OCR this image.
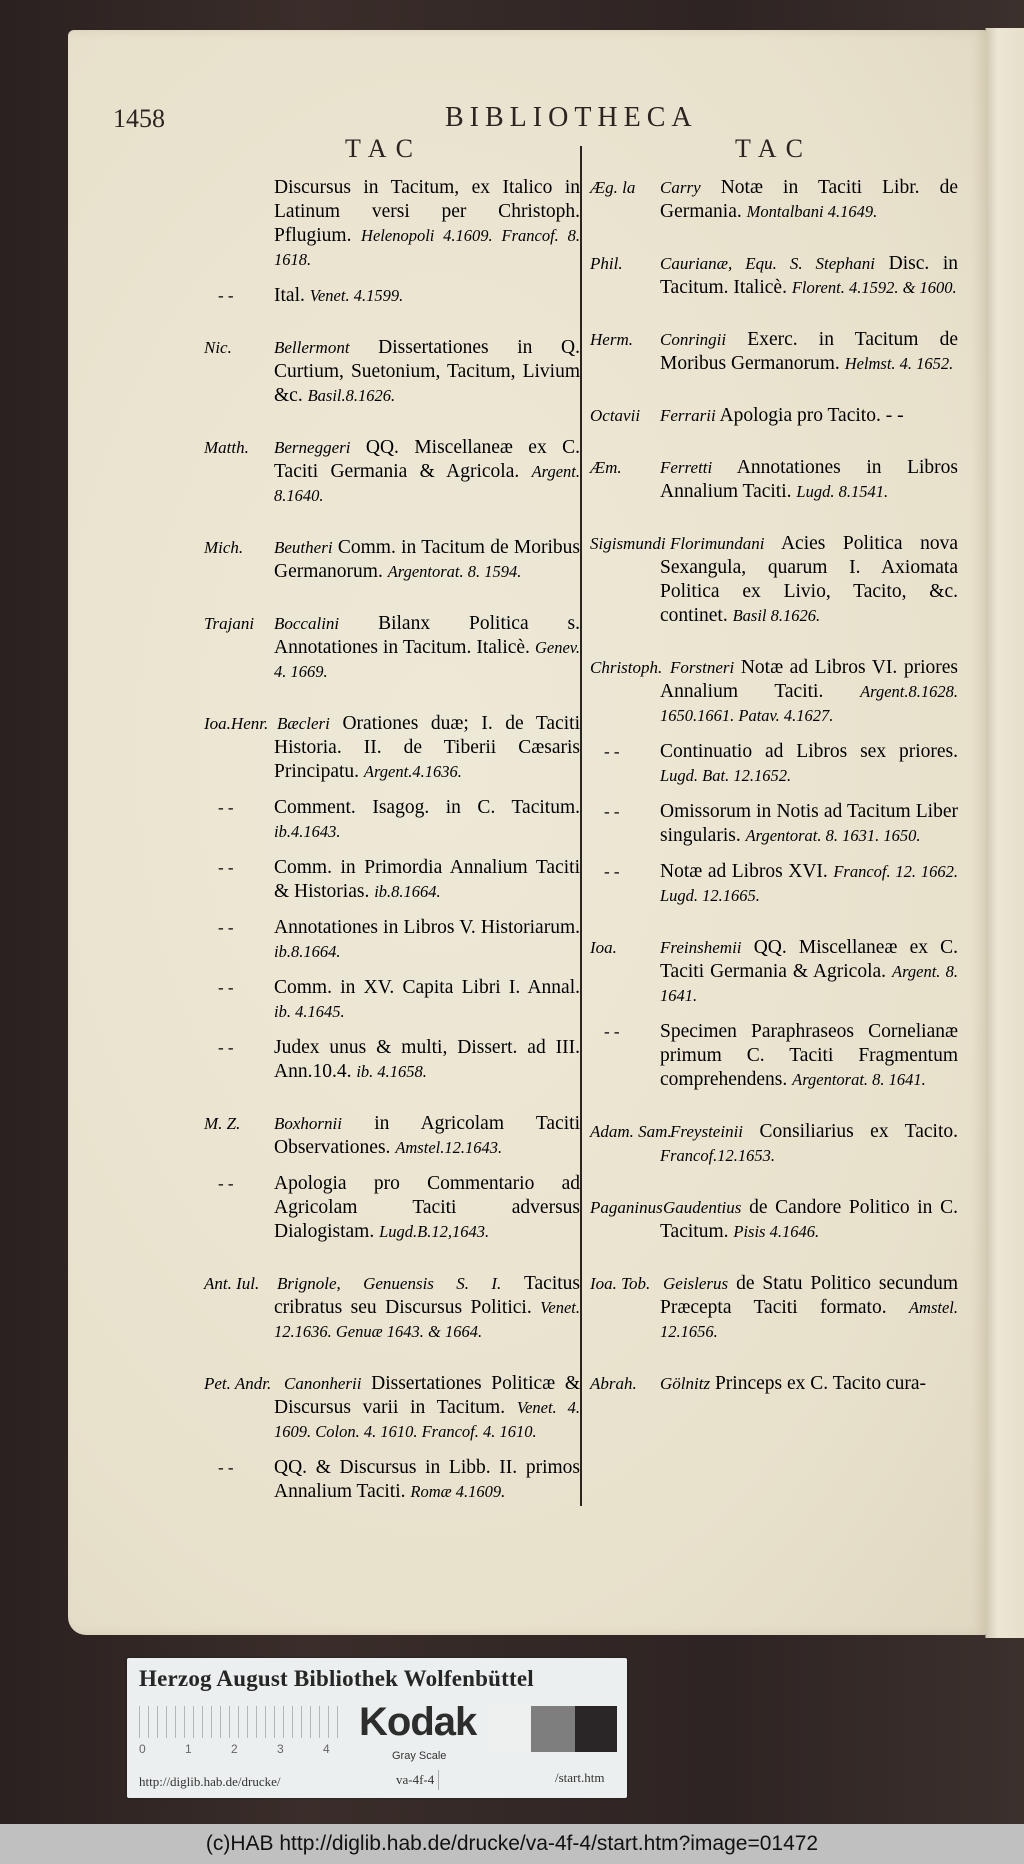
1458	BIBLIOTHECA
TAC	TAC
Discursus in Tacitum, ex Italico in Latinum versi per Christoph. Pflugium. Helenopoli 4.1609. Francof. 8. 1618.
- - Ital. Venet. 4.1599.
Nic. Bellermont Dissertationes in Q. Curtium, Suetonium, Tacitum, Livium &c. Basil.8.1626.
Matth. Berneggeri QQ. Miscellaneæ ex C. Taciti Germania & Agricola. Argent. 8.1640.
Mich. Beutheri Comm. in Tacitum de Moribus Germanorum. Argentorat. 8. 1594.
Trajani Boccalini Bilanx Politica s. Annotationes in Tacitum. Italicè. Genev. 4. 1669.
Ioa.Henr. Bæcleri Orationes duæ; I. de Taciti Historia. II. de Tiberii Cæsaris Principatu. Argent.4.1636.
- - Comment. Isagog. in C. Tacitum. ib.4.1643.
- - Comm. in Primordia Annalium Taciti & Historias. ib.8.1664.
- - Annotationes in Libros V. Historiarum. ib.8.1664.
- - Comm. in XV. Capita Libri I. Annal. ib. 4.1645.
- - Judex unus & multi, Dissert. ad III. Ann.10.4. ib. 4.1658.
M. Z. Boxhornii in Agricolam Taciti Observationes. Amstel.12.1643.
- - Apologia pro Commentario ad Agricolam Taciti adversus Dialogistam. Lugd.B.12,1643.
Ant. Iul. Brignole, Genuensis S. I. Tacitus cribratus seu Discursus Politici. Venet. 12.1636. Genuæ 1643. & 1664.
Pet. Andr. Canonherii Dissertationes Politicæ & Discursus varii in Tacitum. Venet. 4. 1609. Colon. 4. 1610. Francof. 4. 1610.
- - QQ. & Discursus in Libb. II. primos Annalium Taciti. Romæ 4.1609.
Æg. la Carry Notæ in Taciti Libr. de Germania. Montalbani 4.1649.
Phil. Caurianæ, Equ. S. Stephani Disc. in Tacitum. Italicè. Florent. 4.1592. & 1600.
Herm. Conringii Exerc. in Tacitum de Moribus Germanorum. Helmst. 4. 1652.
Octavii Ferrarii Apologia pro Tacito. - -
Æm. Ferretti Annotationes in Libros Annalium Taciti. Lugd. 8.1541.
Sigismundi Florimundani Acies Politica nova Sexangula, quarum I. Axiomata Politica ex Livio, Tacito, &c. continet. Basil 8.1626.
Christoph. Forstneri Notæ ad Libros VI. priores Annalium Taciti. Argent.8.1628. 1650.1661. Patav. 4.1627.
- - Continuatio ad Libros sex priores. Lugd. Bat. 12.1652.
- - Omissorum in Notis ad Tacitum Liber singularis. Argentorat. 8. 1631. 1650.
- - Notæ ad Libros XVI. Francof. 12. 1662. Lugd. 12.1665.
Ioa.	Freinshemii QQ. Miscellaneæ ex C. Taciti Germania & Agricola. Argent. 8. 1641.
- - Specimen Paraphraseos Cornelianæ primum C. Taciti Fragmentum comprehendens. Argentorat. 8. 1641.
Adam. Sam.
Freysteinii Consiliarius ex Tacito. Francof.12.1653.
Paganinus Gaudentius de Candore Politico in C. Tacitum. Pisis 4.1646.
Ioa. Tob. Geislerus de Statu Politico secundum Præcepta Taciti formato. Amstel. 12.1656.
Abrah. Gölnitz Princeps ex C. Tacito cura-
Herzog August Bibliothek Wolfenbüttel
0	1	2	3	4
Kodak
Gray Scale
http://diglib.hab.de/drucke/	va-4f-4	/start.htm
(c)HAB http://diglib.hab.de/drucke/va-4f-4/start.htm?image=01472
